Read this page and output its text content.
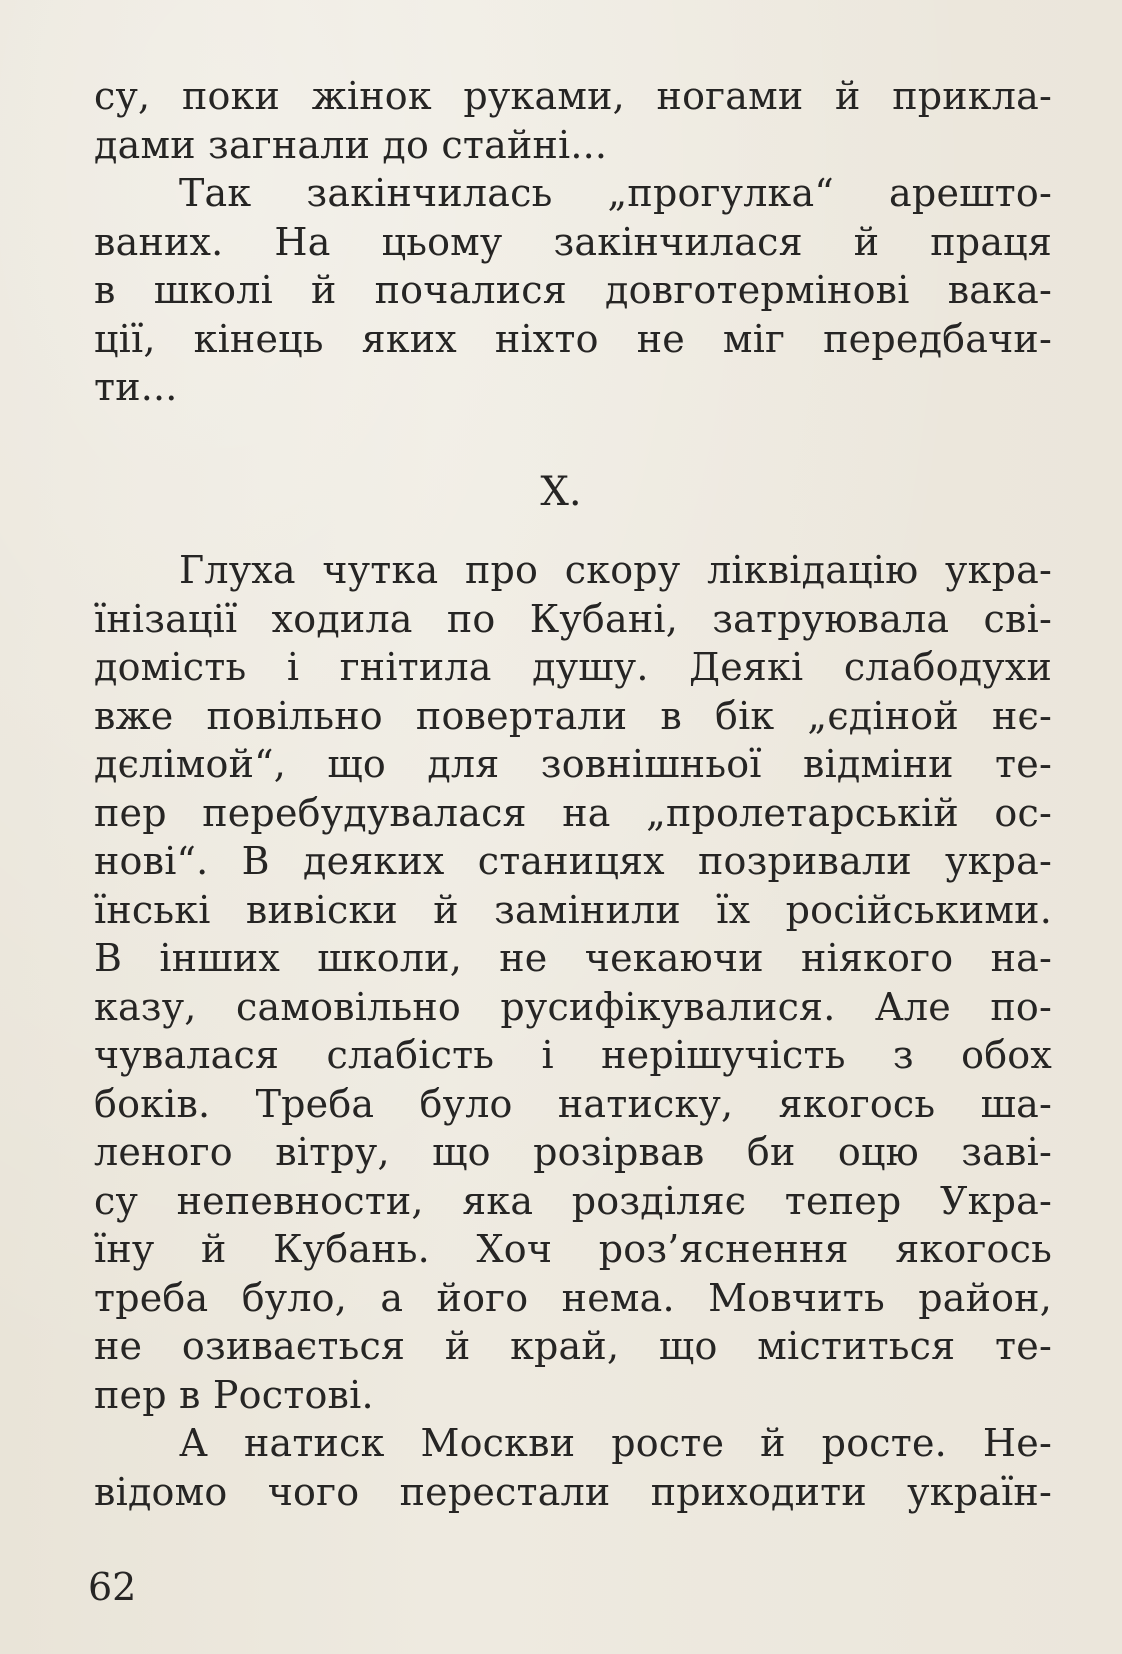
су, поки жінок руками, ногами й прикла-
дами загнали до стайні...
Так закінчилась „прогулка“ арешто-
ваних. На цьому закінчилася й праця
в школі й почалися довготермінові вака-
ції, кінець яких ніхто не міг передбачи-
ти...
X.
Глуха чутка про скору ліквідацію укра-
їнізації ходила по Кубані, затруювала сві-
домість і гнітила душу. Деякі слабодухи
вже повільно повертали в бік „єдіной нє-
дєлімой“, що для зовнішньої відміни те-
пер перебудувалася на „пролетарській ос-
нові“. В деяких станицях позривали укра-
їнські вивіски й замінили їх російськими.
В інших школи, не чекаючи ніякого на-
казу, самовільно русифікувалися. Але по-
чувалася слабість і нерішучість з обох
боків. Треба було натиску, якогось ша-
леного вітру, що розірвав би оцю заві-
су непевности, яка розділяє тепер Укра-
їну й Кубань. Хоч роз’яснення якогось
треба було, а його нема. Мовчить район,
не озивається й край, що міститься те-
пер в Ростові.
А натиск Москви росте й росте. Не-
відомо чого перестали приходити україн-
62
